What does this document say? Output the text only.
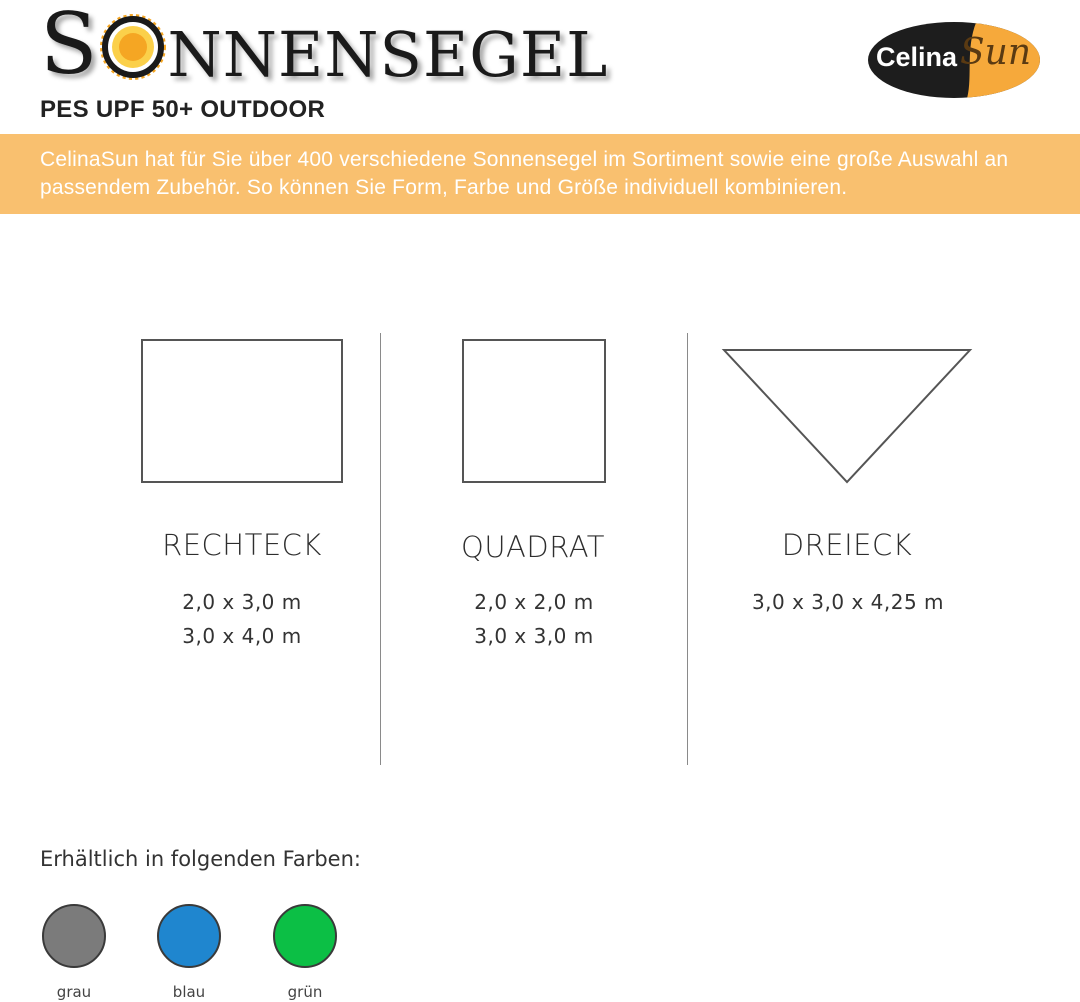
S NNENSEGEL
PES UPF 50+ OUTDOOR
Celina Sun

CelinaSun hat für Sie über 400 verschiedene Sonnensegel im Sortiment sowie eine große Auswahl an passendem Zubehör. So können Sie Form, Farbe und Größe individuell kombinieren.

RECHTECK
2,0 x 3,0 m
3,0 x 4,0 m
QUADRAT
2,0 x 2,0 m
3,0 x 3,0 m
DREIECK
3,0 x 3,0 x 4,25 m
Erhältlich in folgenden Farben:
grau	blau	grün
